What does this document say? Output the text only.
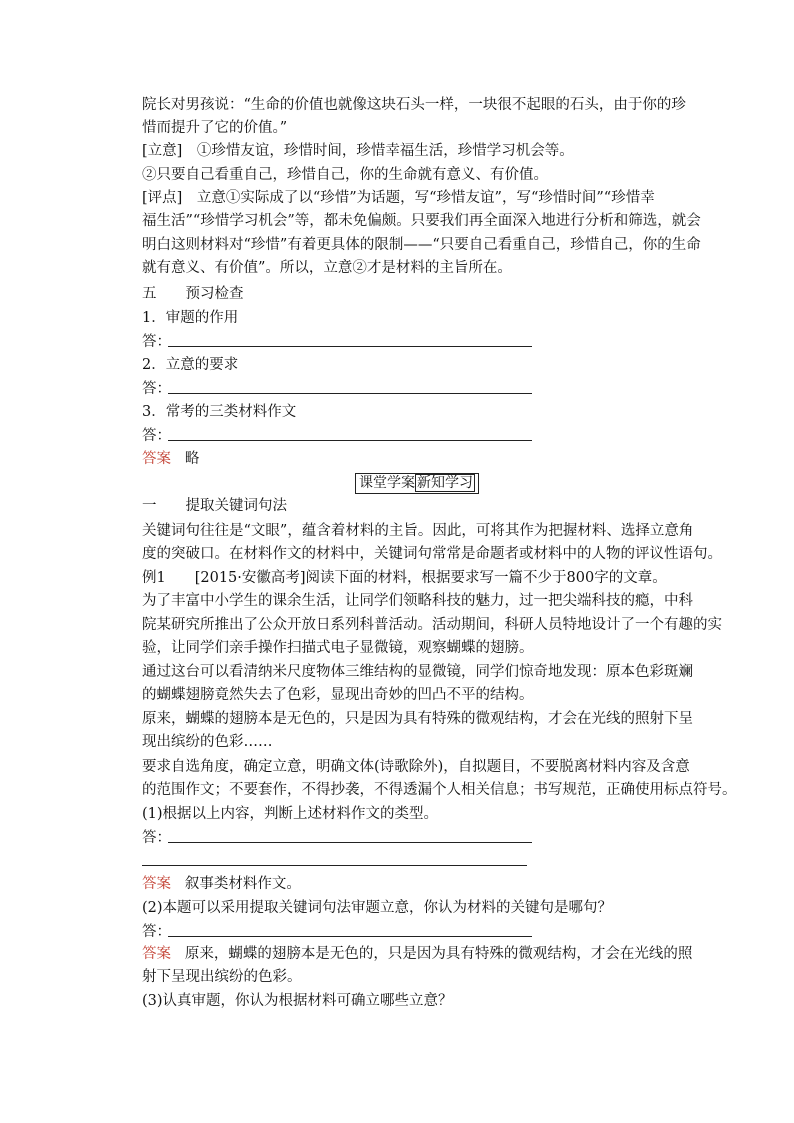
院长对男孩说：“生命的价值也就像这块石头一样，一块很不起眼的石头，由于你的珍
惜而提升了它的价值。”
[立意]　①珍惜友谊，珍惜时间，珍惜幸福生活，珍惜学习机会等。
②只要自己看重自己，珍惜自己，你的生命就有意义、有价值。
[评点]　立意①实际成了以“珍惜”为话题，写“珍惜友谊”，写“珍惜时间”“珍惜幸
福生活”“珍惜学习机会”等，都未免偏颇。只要我们再全面深入地进行分析和筛选，就会
明白这则材料对“珍惜”有着更具体的限制——“只要自己看重自己，珍惜自己，你的生命
就有意义、有价值”。所以，立意②才是材料的主旨所在。
五　　预习检查
1．审题的作用
答：
2．立意的要求
答：
3．常考的三类材料作文
答：
答案 略
课堂学案 新知学习
一　　提取关键词句法
关键词句往往是“文眼”，蕴含着材料的主旨。因此，可将其作为把握材料、选择立意角
度的突破口。在材料作文的材料中，关键词句常常是命题者或材料中的人物的评议性语句。
例1　　[2015·安徽高考]阅读下面的材料，根据要求写一篇不少于800字的文章。
为了丰富中小学生的课余生活，让同学们领略科技的魅力，过一把尖端科技的瘾，中科
院某研究所推出了公众开放日系列科普活动。活动期间，科研人员特地设计了一个有趣的实
验，让同学们亲手操作扫描式电子显微镜，观察蝴蝶的翅膀。
通过这台可以看清纳米尺度物体三维结构的显微镜，同学们惊奇地发现：原本色彩斑斓
的蝴蝶翅膀竟然失去了色彩，显现出奇妙的凹凸不平的结构。
原来，蝴蝶的翅膀本是无色的，只是因为具有特殊的微观结构，才会在光线的照射下呈
现出缤纷的色彩……
要求自选角度，确定立意，明确文体(诗歌除外)，自拟题目，不要脱离材料内容及含意
的范围作文；不要套作，不得抄袭，不得透漏个人相关信息；书写规范，正确使用标点符号。
(1)根据以上内容，判断上述材料作文的类型。
答：
答案 叙事类材料作文。
(2)本题可以采用提取关键词句法审题立意，你认为材料的关键句是哪句？
答：
答案 原来，蝴蝶的翅膀本是无色的，只是因为具有特殊的微观结构，才会在光线的照
射下呈现出缤纷的色彩。
(3)认真审题，你认为根据材料可确立哪些立意？
